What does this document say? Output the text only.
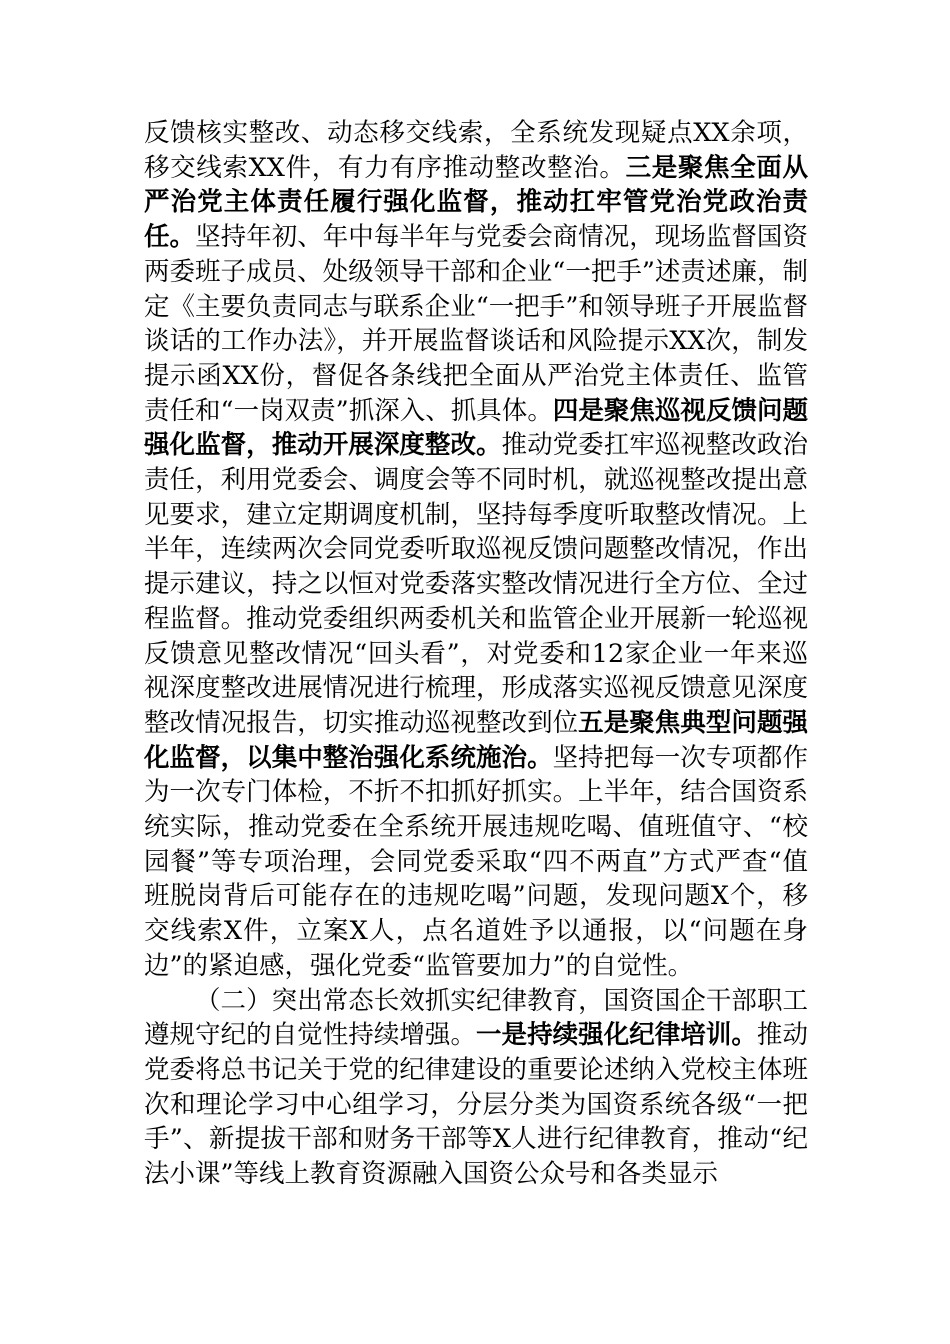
反馈核实整改、动态移交线索，全系统发现疑点XX余项，移交线索XX件，有力有序推动整改整治。三是聚焦全面从严治党主体责任履行强化监督，推动扛牢管党治党政治责任。坚持年初、年中每半年与党委会商情况，现场监督国资两委班子成员、处级领导干部和企业“一把手”述责述廉，制定《主要负责同志与联系企业“一把手”和领导班子开展监督谈话的工作办法》，并开展监督谈话和风险提示XX次，制发提示函XX份，督促各条线把全面从严治党主体责任、监管责任和“一岗双责”抓深入、抓具体。四是聚焦巡视反馈问题强化监督，推动开展深度整改。推动党委扛牢巡视整改政治责任，利用党委会、调度会等不同时机，就巡视整改提出意见要求，建立定期调度机制，坚持每季度听取整改情况。上半年，连续两次会同党委听取巡视反馈问题整改情况，作出提示建议，持之以恒对党委落实整改情况进行全方位、全过程监督。推动党委组织两委机关和监管企业开展新一轮巡视反馈意见整改情况“回头看”，对党委和12家企业一年来巡视深度整改进展情况进行梳理，形成落实巡视反馈意见深度整改情况报告，切实推动巡视整改到位五是聚焦典型问题强化监督，以集中整治强化系统施治。坚持把每一次专项都作为一次专门体检，不折不扣抓好抓实。上半年，结合国资系统实际，推动党委在全系统开展违规吃喝、值班值守、“校园餐”等专项治理，会同党委采取“四不两直”方式严查“值班脱岗背后可能存在的违规吃喝”问题，发现问题X个，移交线索X件，立案X人，点名道姓予以通报，以“问题在身边”的紧迫感，强化党委“监管要加力”的自觉性。

（二）突出常态长效抓实纪律教育，国资国企干部职工遵规守纪的自觉性持续增强。一是持续强化纪律培训。推动党委将总书记关于党的纪律建设的重要论述纳入党校主体班次和理论学习中心组学习，分层分类为国资系统各级“一把手”、新提拔干部和财务干部等X人进行纪律教育，推动“纪法小课”等线上教育资源融入国资公众号和各类显示
